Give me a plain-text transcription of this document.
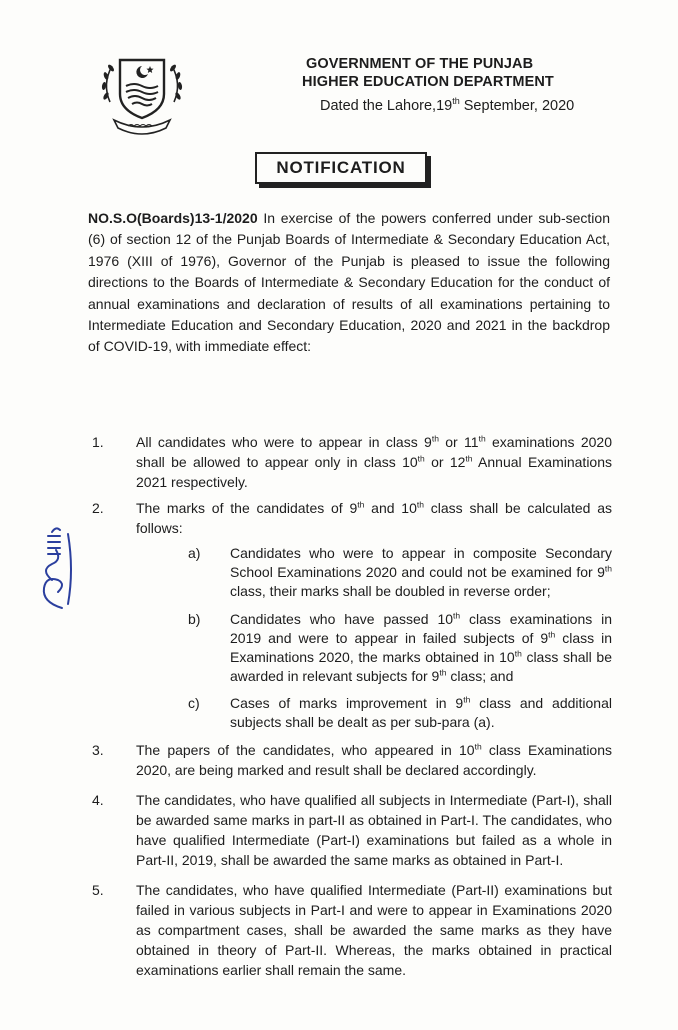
GOVERNMENT OF THE PUNJAB

HIGHER EDUCATION DEPARTMENT
Dated the Lahore,19th September, 2020
NOTIFICATION
NO.S.O(Boards)13-1/2020 In exercise of the powers conferred under sub-section (6) of section 12 of the Punjab Boards of Intermediate & Secondary Education Act, 1976 (XIII of 1976), Governor of the Punjab is pleased to issue the following directions to the Boards of Intermediate & Secondary Education for the conduct of annual examinations and declaration of results of all examinations pertaining to Intermediate Education and Secondary Education, 2020 and 2021 in the backdrop of COVID-19, with immediate effect:
1.	All candidates who were to appear in class 9th or 11th examinations 2020 shall be allowed to appear only in class 10th or 12th Annual Examinations 2021 respectively.
2.	The marks of the candidates of 9th and 10th class shall be calculated as follows:
a) Candidates who were to appear in composite Secondary School Examinations 2020 and could not be examined for 9th class, their marks shall be doubled in reverse order;
b) Candidates who have passed 10th class examinations in 2019 and were to appear in failed subjects of 9th class in Examinations 2020, the marks obtained in 10th class shall be awarded in relevant subjects for 9th class; and
c) Cases of marks improvement in 9th class and additional subjects shall be dealt as per sub-para (a).
3.	The papers of the candidates, who appeared in 10th class Examinations 2020, are being marked and result shall be declared accordingly.
4.	The candidates, who have qualified all subjects in Intermediate (Part-I), shall be awarded same marks in part-II as obtained in Part-I. The candidates, who have qualified Intermediate (Part-I) examinations but failed as a whole in Part-II, 2019, shall be awarded the same marks as obtained in Part-I.
5.	The candidates, who have qualified Intermediate (Part-II) examinations but failed in various subjects in Part-I and were to appear in Examinations 2020 as compartment cases, shall be awarded the same marks as they have obtained in theory of Part-II. Whereas, the marks obtained in practical examinations earlier shall remain the same.
